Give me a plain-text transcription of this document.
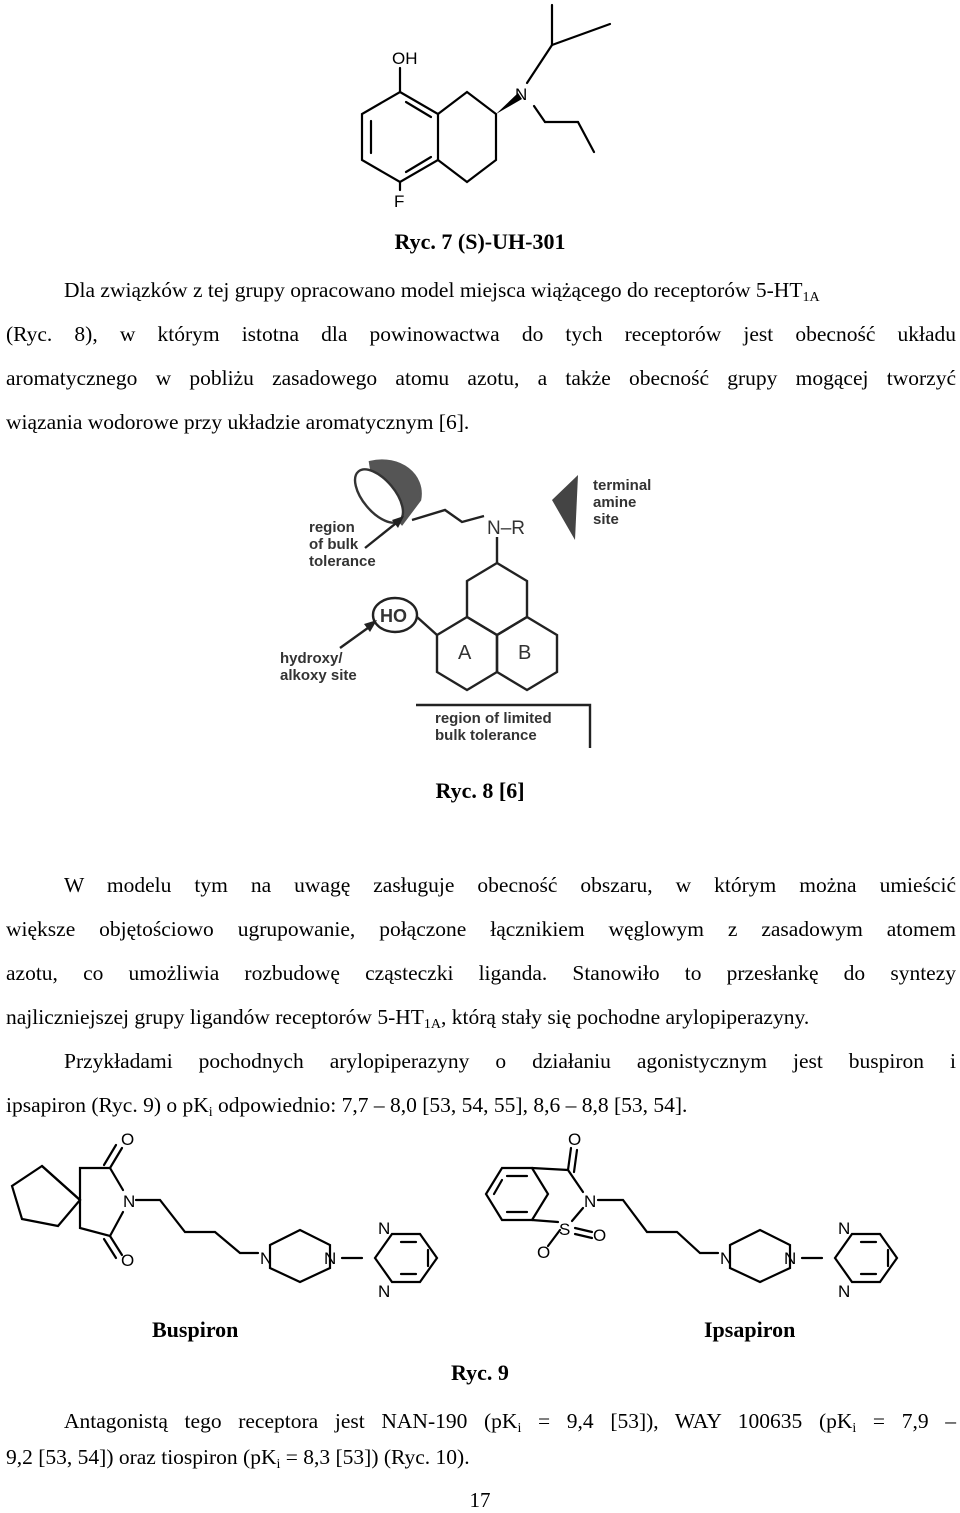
OH
N
F
Ryc. 7 (S)-UH-301
Dla związków z tej grupy opracowano model miejsca wiążącego do receptorów $5-HT_{1A}$
(Ryc. 8), w którym istotna dla powinowactwa do tych receptorów jest obecność układu
aromatycznego w pobliżu zasadowego atomu azotu, a także obecność grupy mogącej tworzyć
wiązania wodorowe przy układzie aromatycznym [6].
N–R
HO
A B
region
of bulk
tolerance
terminal
amine
site
hydroxy/
alkoxy site
region of limited
bulk tolerance
Ryc. 8 [6]
W modelu tym na uwagę zasługuje obecność obszaru, w którym można umieścić
większe objętościowo ugrupowanie, połączone łącznikiem węglowym z zasadowym atomem
azotu, co umożliwia rozbudowę cząsteczki liganda. Stanowiło to przesłankę do syntezy
najliczniejszej grupy ligandów receptorów $5-HT_{1A}$, którą stały się pochodne arylopiperazyny.
Przykładami pochodnych arylopiperazyny o działaniu agonistycznym jest buspiron i
ipsapiron (Ryc. 9) o $pK_i$ odpowiednio: 7,7 – 8,0 [53, 54, 55], 8,6 – 8,8 [53, 54].
O
O
N
N	N
N
N
O
N
S
O
O
N	N
N
N
Buspiron	Ipsapiron
Ryc. 9
Antagonistą tego receptora jest NAN-190 ($pK_i = 9,4$ [53]), WAY 100635 ($pK_i = 7,9$ –
9,2 [53, 54]) oraz tiospiron ($pK_i = 8,3$ [53]) (Ryc. 10).
17
